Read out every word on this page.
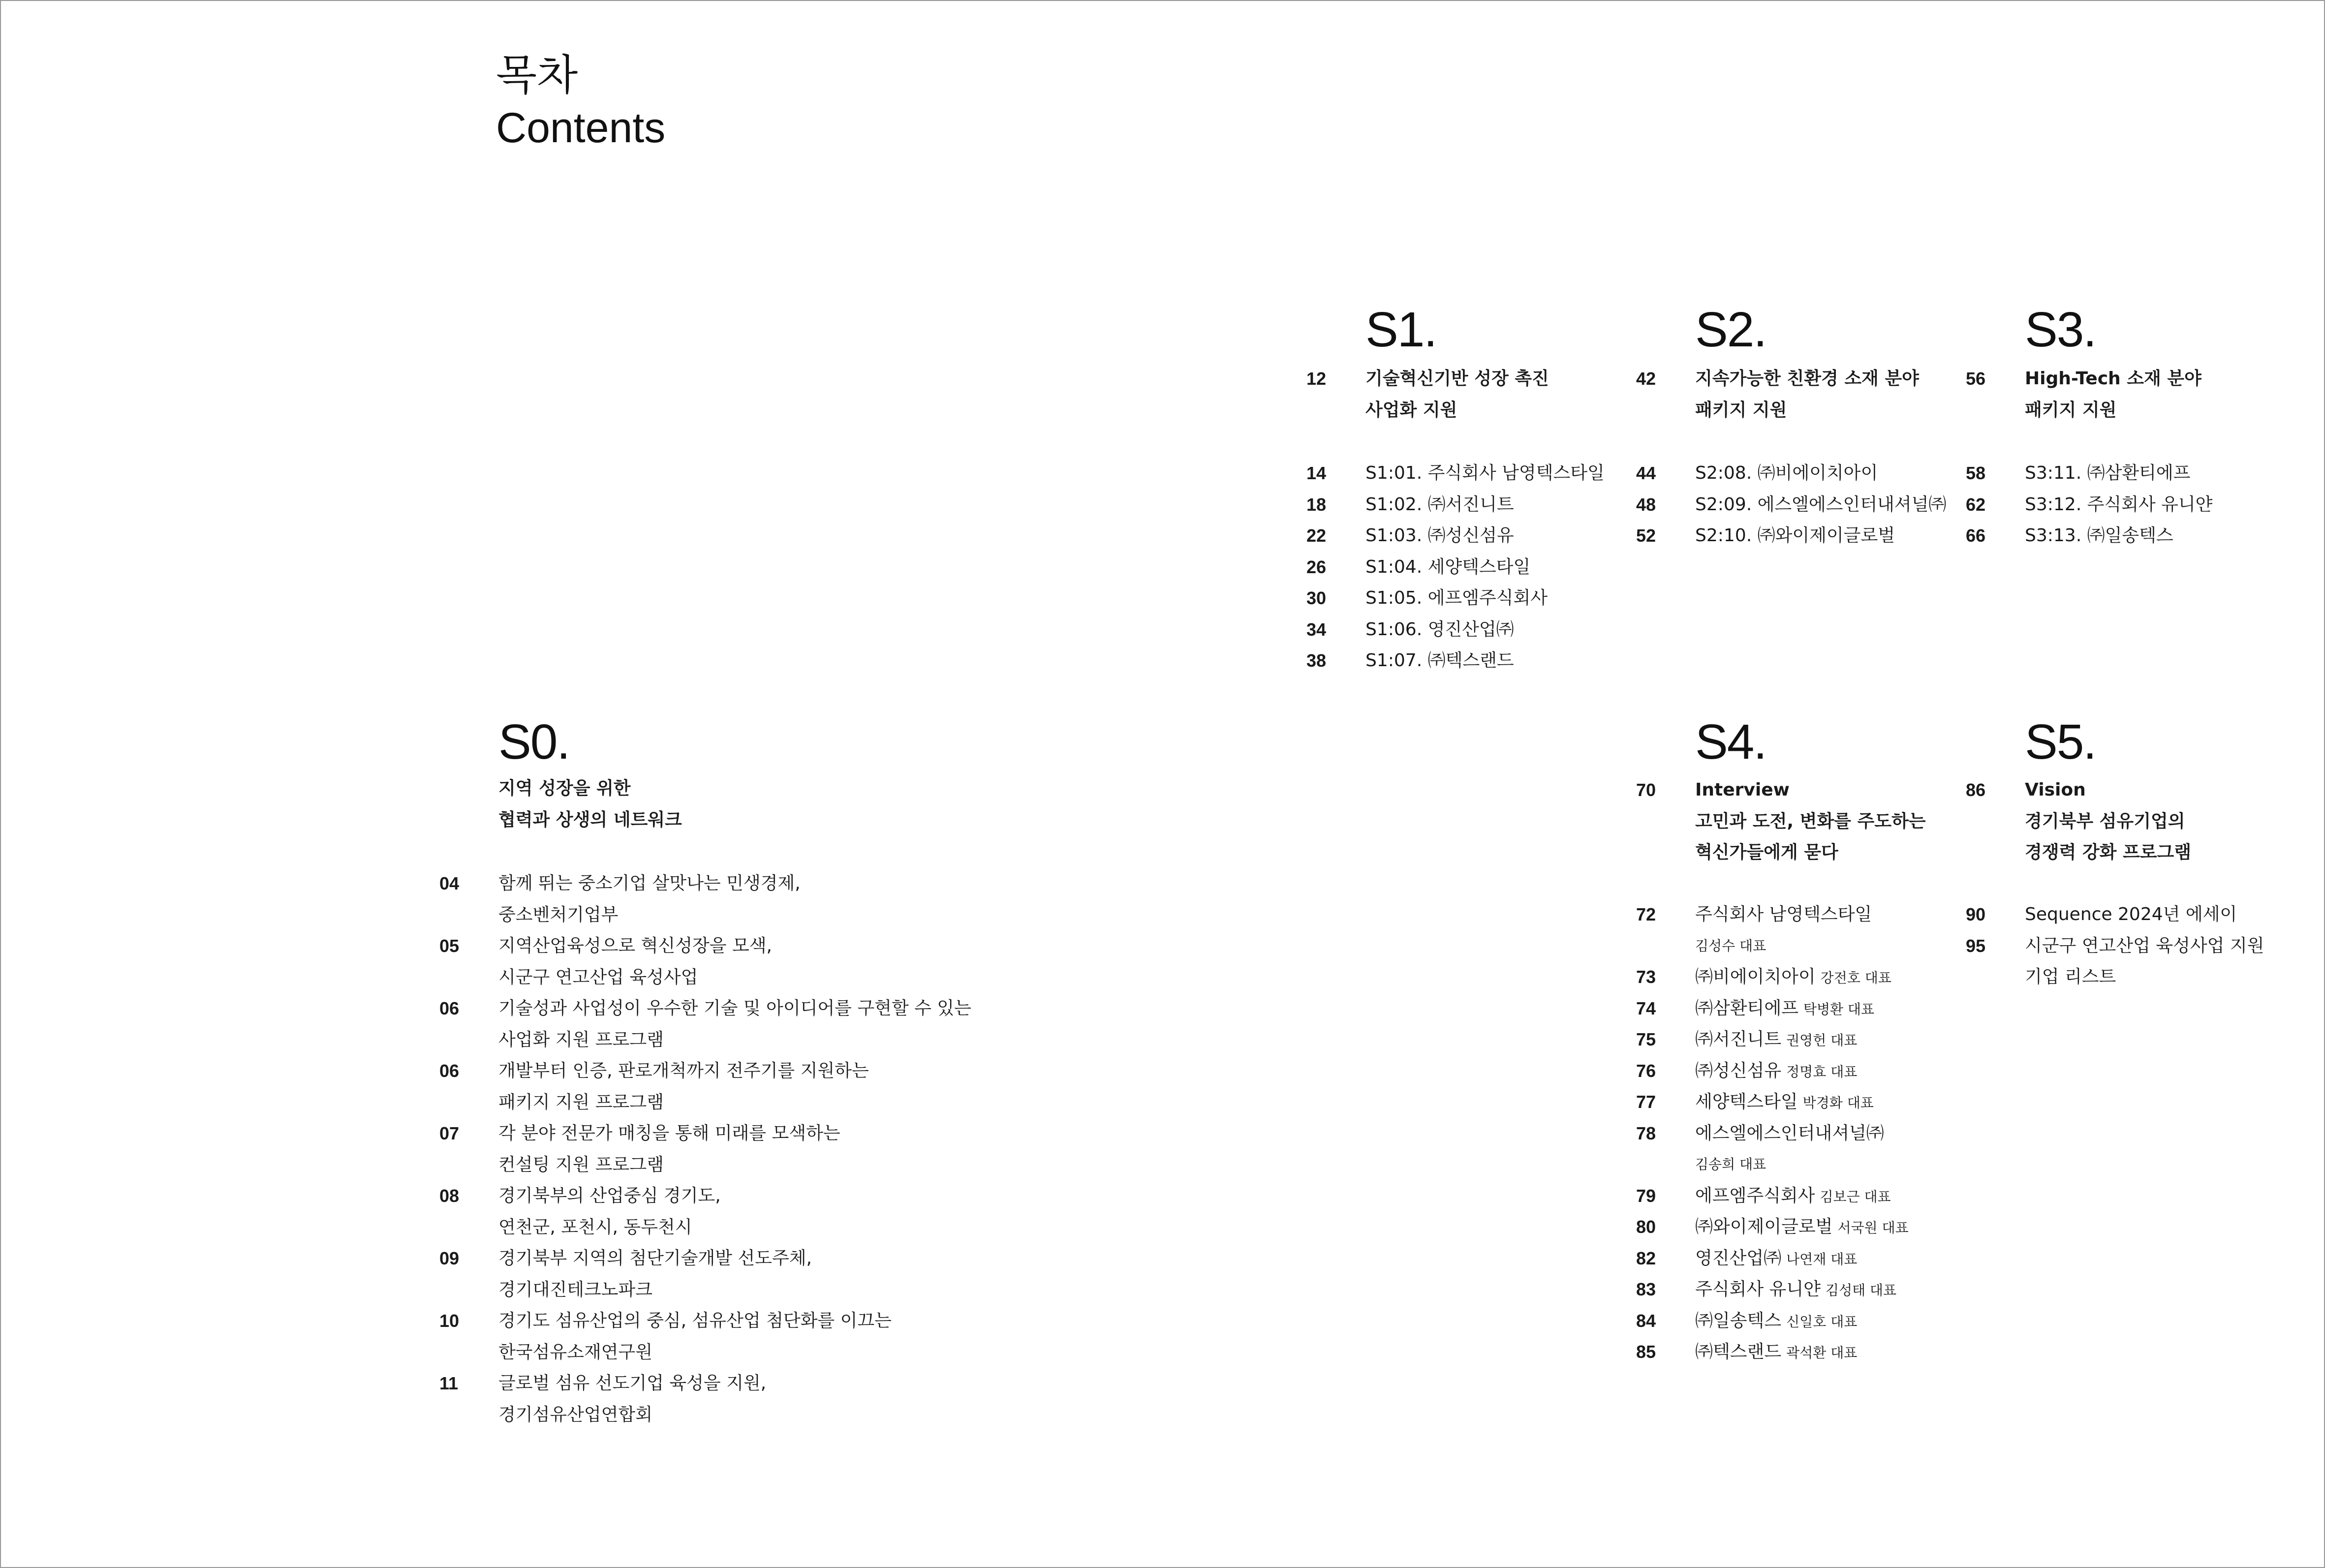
목차
Contents
S0.
지역 성장을 위한
협력과 상생의 네트워크
04 함께 뛰는 중소기업 살맛나는 민생경제,
중소벤처기업부
05 지역산업육성으로 혁신성장을 모색,
시군구 연고산업 육성사업
06 기술성과 사업성이 우수한 기술 및 아이디어를 구현할 수 있는
사업화 지원 프로그램
06 개발부터 인증, 판로개척까지 전주기를 지원하는
패키지 지원 프로그램
07 각 분야 전문가 매칭을 통해 미래를 모색하는
컨설팅 지원 프로그램
08 경기북부의 산업중심 경기도,
연천군, 포천시, 동두천시
09 경기북부 지역의 첨단기술개발 선도주체,
경기대진테크노파크
10 경기도 섬유산업의 중심, 섬유산업 첨단화를 이끄는
한국섬유소재연구원
11 글로벌 섬유 선도기업 육성을 지원,
경기섬유산업연합회
S1.
12 기술혁신기반 성장 촉진
사업화 지원
14 S1:01. 주식회사 남영텍스타일
18 S1:02. ㈜서진니트
22 S1:03. ㈜성신섬유
26 S1:04. 세양텍스타일
30 S1:05. 에프엠주식회사
34 S1:06. 영진산업㈜
38 S1:07. ㈜텍스랜드
S2.
42 지속가능한 친환경 소재 분야
패키지 지원
44 S2:08. ㈜비에이치아이
48 S2:09. 에스엘에스인터내셔널㈜
52 S2:10. ㈜와이제이글로벌
S3.
56 High-Tech 소재 분야
패키지 지원
58 S3:11. ㈜삼환티에프
62 S3:12. 주식회사 유니얀
66 S3:13. ㈜일송텍스
S4.
70 Interview
고민과 도전, 변화를 주도하는
혁신가들에게 묻다
72 주식회사 남영텍스타일
김성수 대표
73 ㈜비에이치아이 강전호 대표
74 ㈜삼환티에프 탁병환 대표
75 ㈜서진니트 권영헌 대표
76 ㈜성신섬유 정명효 대표
77 세양텍스타일 박경화 대표
78 에스엘에스인터내셔널㈜
김송희 대표
79 에프엠주식회사 김보근 대표
80 ㈜와이제이글로벌 서국원 대표
82 영진산업㈜ 나연재 대표
83 주식회사 유니얀 김성태 대표
84 ㈜일송텍스 신일호 대표
85 ㈜텍스랜드 곽석환 대표
S5.
86 Vision
경기북부 섬유기업의
경쟁력 강화 프로그램
90 Sequence 2024년 에세이
95 시군구 연고산업 육성사업 지원
기업 리스트
